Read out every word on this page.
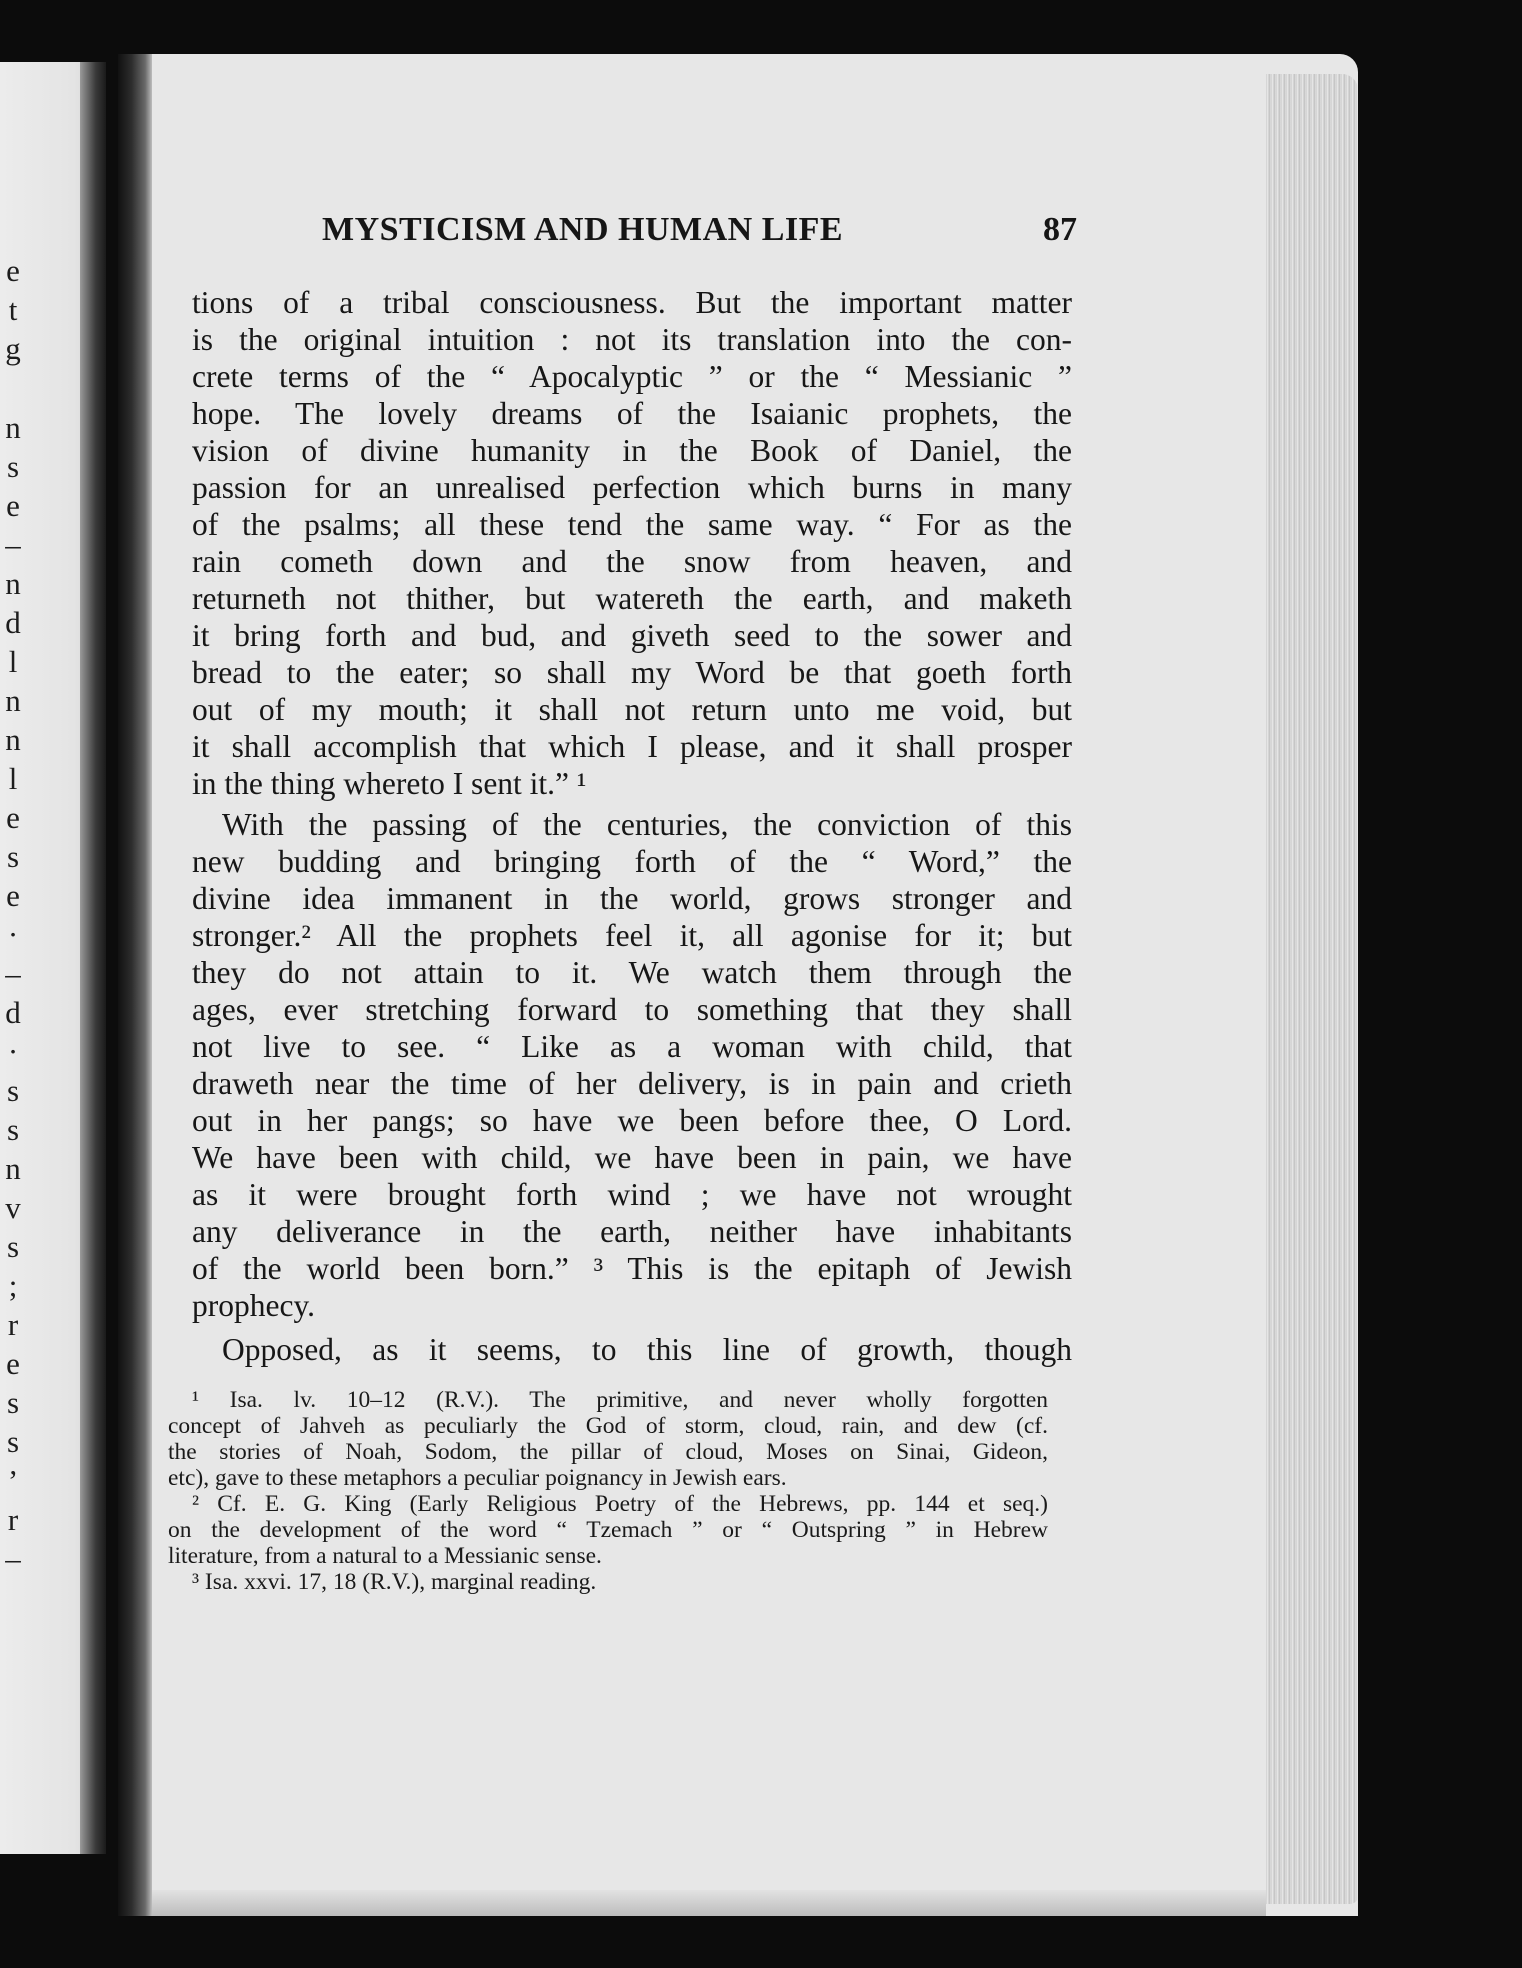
e
t
g
n
s
e
–
n
d
l
n
n
l
e
s
e
·
–
d
·
s
s
n
v
s
;
r
e
s
s
’
r
–
MYSTICISM AND HUMAN LIFE	87
tions of a tribal consciousness. But the important matter
is the original intuition : not its translation into the con-
crete terms of the “ Apocalyptic ” or the “ Messianic ”
hope. The lovely dreams of the Isaianic prophets, the
vision of divine humanity in the Book of Daniel, the
passion for an unrealised perfection which burns in many
of the psalms; all these tend the same way. “ For as the
rain cometh down and the snow from heaven, and
returneth not thither, but watereth the earth, and maketh
it bring forth and bud, and giveth seed to the sower and
bread to the eater; so shall my Word be that goeth forth
out of my mouth; it shall not return unto me void, but
it shall accomplish that which I please, and it shall prosper
in the thing whereto I sent it.” ¹
With the passing of the centuries, the conviction of this
new budding and bringing forth of the “ Word,” the
divine idea immanent in the world, grows stronger and
stronger.² All the prophets feel it, all agonise for it; but
they do not attain to it. We watch them through the
ages, ever stretching forward to something that they shall
not live to see. “ Like as a woman with child, that
draweth near the time of her delivery, is in pain and crieth
out in her pangs; so have we been before thee, O Lord.
We have been with child, we have been in pain, we have
as it were brought forth wind ; we have not wrought
any deliverance in the earth, neither have inhabitants
of the world been born.” ³ This is the epitaph of Jewish
prophecy.
Opposed, as it seems, to this line of growth, though
¹ Isa. lv. 10–12 (R.V.). The primitive, and never wholly forgotten
concept of Jahveh as peculiarly the God of storm, cloud, rain, and dew (cf.
the stories of Noah, Sodom, the pillar of cloud, Moses on Sinai, Gideon,
etc), gave to these metaphors a peculiar poignancy in Jewish ears.
² Cf. E. G. King (Early Religious Poetry of the Hebrews, pp. 144 et seq.)
on the development of the word “ Tzemach ” or “ Outspring ” in Hebrew
literature, from a natural to a Messianic sense.
³ Isa. xxvi. 17, 18 (R.V.), marginal reading.
